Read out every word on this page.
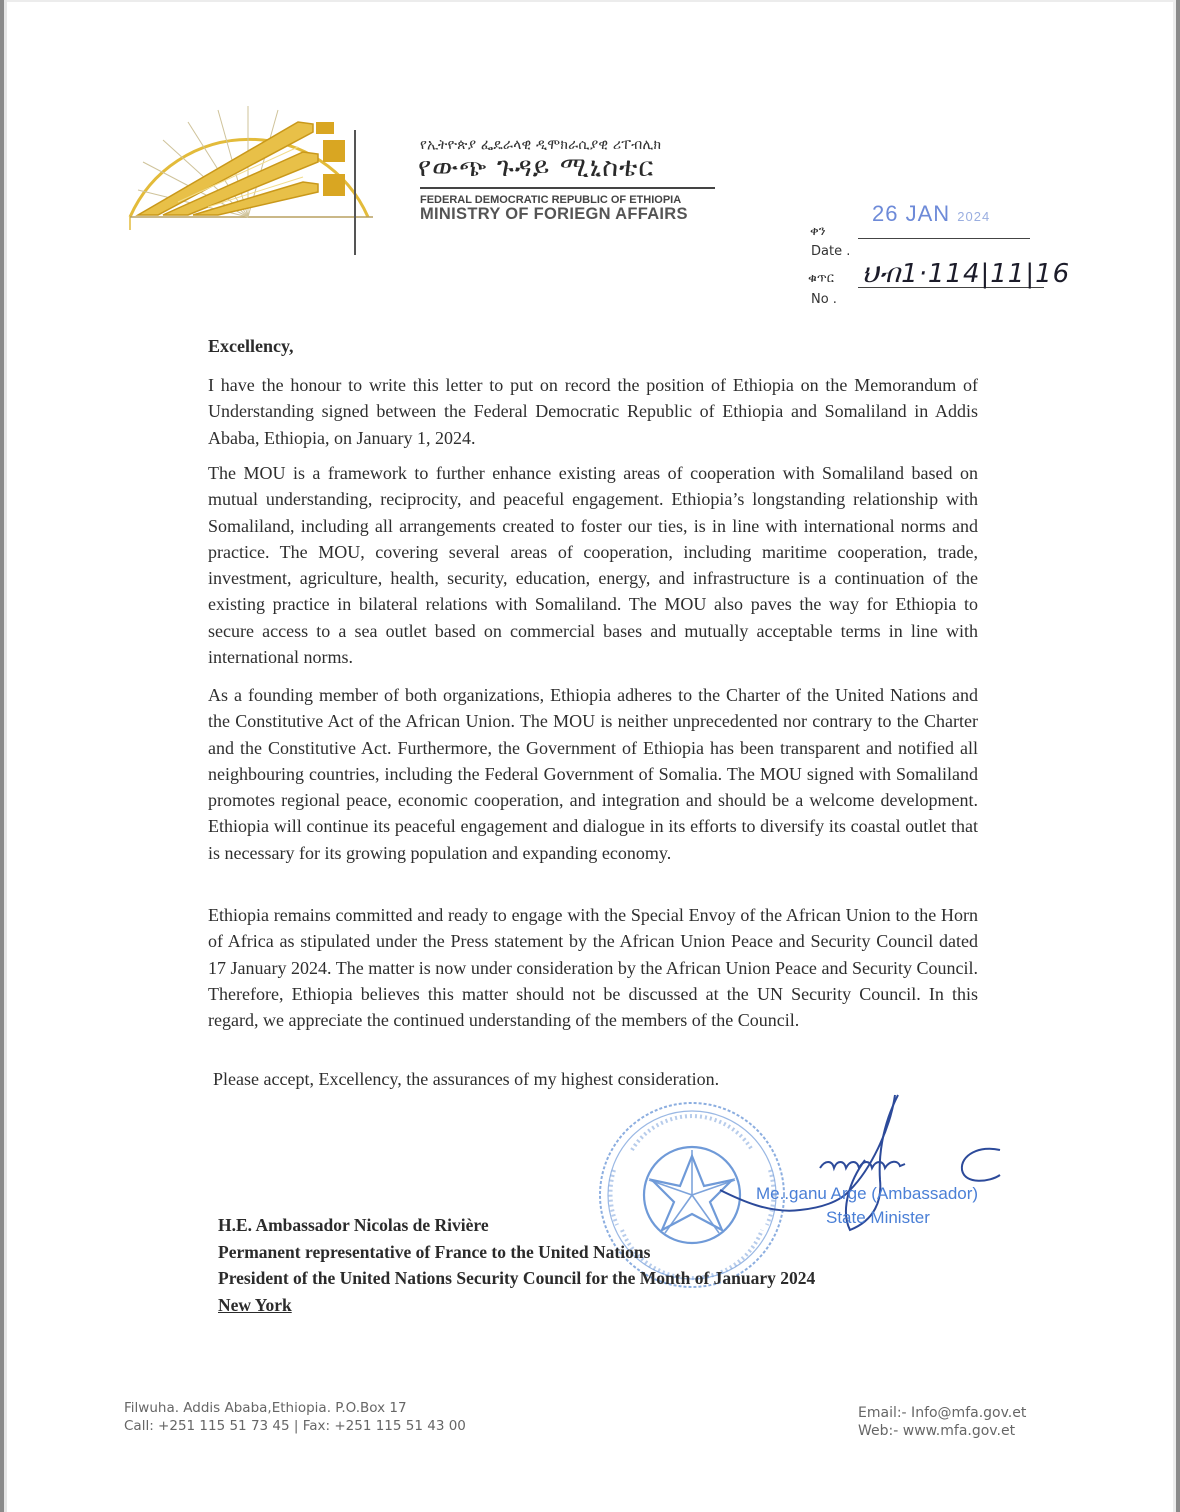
የኢትዮጵያ ፌዴራላዊ ዲሞክራሲያዊ ሪፐብሊክ
የውጭ ጉዳይ ሚኒስቴር
FEDERAL DEMOCRATIC REPUBLIC OF ETHIOPIA
MINISTRY OF FORIEGN AFFAIRS
ቀን
26 JAN 2024
Date .
ቁጥር ህብ1·114|11|16
No .
Excellency,
I have the honour to write this letter to put on record the position of Ethiopia on the Memorandum of Understanding signed between the Federal Democratic Republic of Ethiopia and Somaliland in Addis Ababa, Ethiopia, on January 1, 2024.
The MOU is a framework to further enhance existing areas of cooperation with Somaliland based on mutual understanding, reciprocity, and peaceful engagement. Ethiopia’s longstanding relationship with Somaliland, including all arrangements created to foster our ties, is in line with international norms and practice. The MOU, covering several areas of cooperation, including maritime cooperation, trade, investment, agriculture, health, security, education, energy, and infrastructure is a continuation of the existing practice in bilateral relations with Somaliland. The MOU also paves the way for Ethiopia to secure access to a sea outlet based on commercial bases and mutually acceptable terms in line with international norms.
As a founding member of both organizations, Ethiopia adheres to the Charter of the United Nations and the Constitutive Act of the African Union. The MOU is neither unprecedented nor contrary to the Charter and the Constitutive Act. Furthermore, the Government of Ethiopia has been transparent and notified all neighbouring countries, including the Federal Government of Somalia. The MOU signed with Somaliland promotes regional peace, economic cooperation, and integration and should be a welcome development. Ethiopia will continue its peaceful engagement and dialogue in its efforts to diversify its coastal outlet that is necessary for its growing population and expanding economy.
Ethiopia remains committed and ready to engage with the Special Envoy of the African Union to the Horn of Africa as stipulated under the Press statement by the African Union Peace and Security Council dated 17 January 2024. The matter is now under consideration by the African Union Peace and Security Council. Therefore, Ethiopia believes this matter should not be discussed at the UN Security Council. In this regard, we appreciate the continued understanding of the members of the Council.
Please accept, Excellency, the assurances of my highest consideration.
Me..ganu Arge (Ambassador)
State Minister
H.E. Ambassador Nicolas de Rivière
Permanent representative of France to the United Nations
President of the United Nations Security Council for the Month of January 2024
New York
Filwuha. Addis Ababa,Ethiopia. P.O.Box 17
Call: +251 115 51 73 45 | Fax: +251 115 51 43 00
Email:- Info@mfa.gov.et
Web:- www.mfa.gov.et
